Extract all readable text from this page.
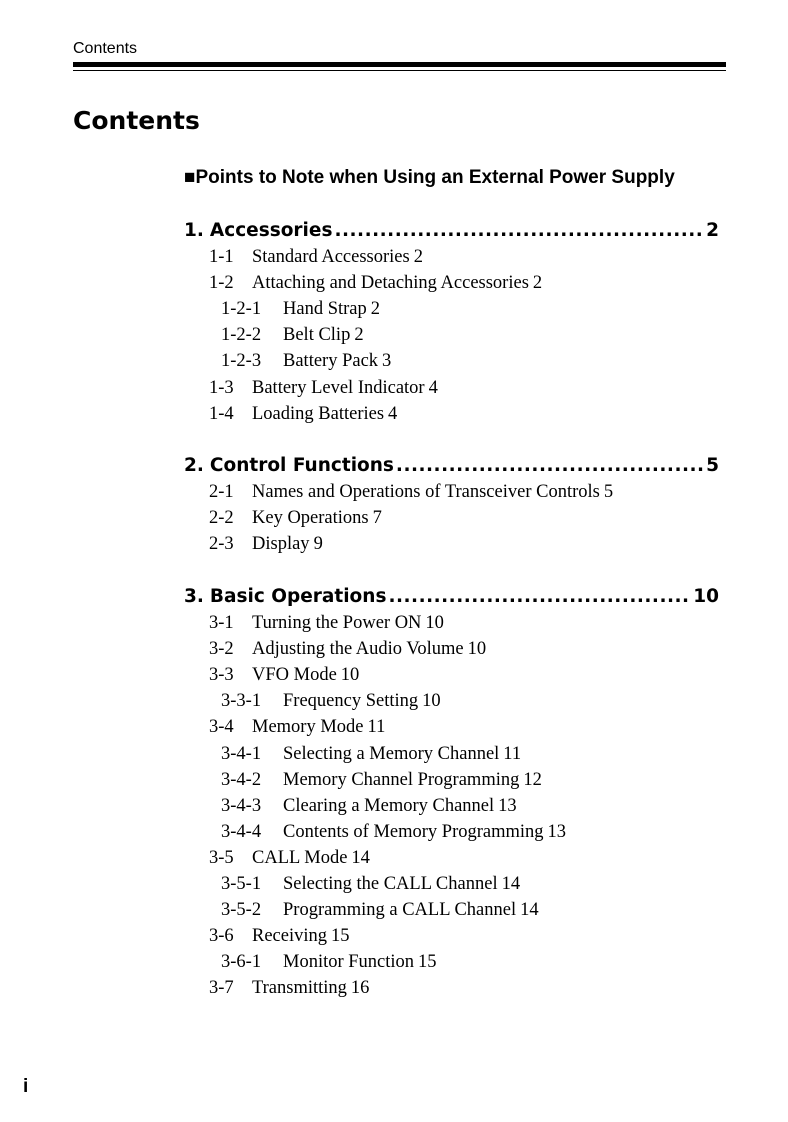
Contents
Contents
■Points to Note when Using an External Power Supply
1. Accessories .....	2
1-1 Standard Accessories 2
1-2 Attaching and Detaching Accessories 2
1-2-1	Hand Strap 2
1-2-2	Belt Clip 2
1-2-3	Battery Pack 3
1-3 Battery Level Indicator 4
1-4 Loading Batteries 4
2. Control Functions .....	5
2-1 Names and Operations of Transceiver Controls 5
2-2 Key Operations 7
2-3 Display 9
3. Basic Operations .....	10
3-1 Turning the Power ON 10
3-2 Adjusting the Audio Volume 10
3-3 VFO Mode 10
3-3-1	Frequency Setting 10
3-4 Memory Mode 11
3-4-1	Selecting a Memory Channel 11
3-4-2	Memory Channel Programming 12
3-4-3	Clearing a Memory Channel 13
3-4-4	Contents of Memory Programming 13
3-5 CALL Mode 14
3-5-1	Selecting the CALL Channel 14
3-5-2	Programming a CALL Channel 14
3-6 Receiving 15
3-6-1	Monitor Function 15
3-7 Transmitting 16
i
